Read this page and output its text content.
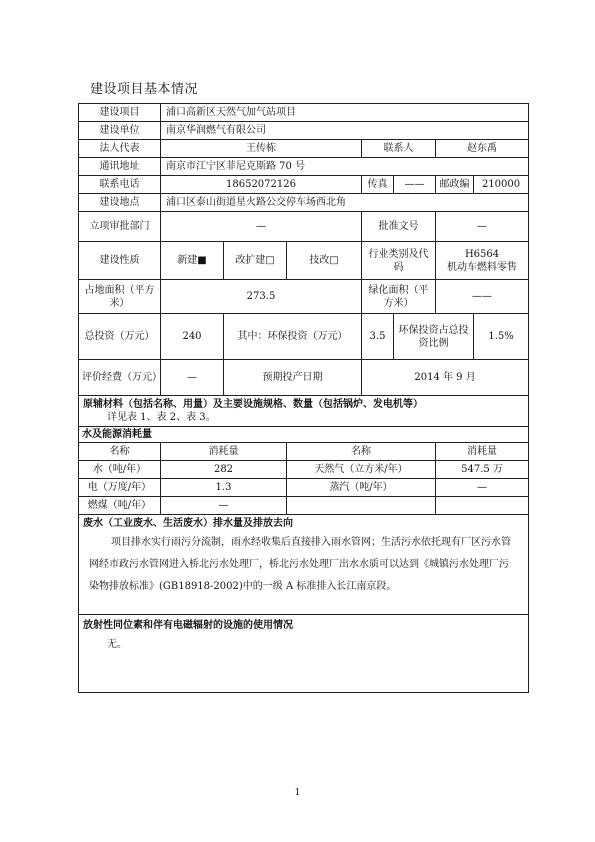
建设项目基本情况
建设项目	浦口高新区天然气加气站项目						
建设单位	南京华润燃气有限公司						
法人代表	王传栋			联系人		赵东禹	
通讯地址	南京市江宁区菲尼克斯路 70 号						
联系电话	18652072126			传真	——	邮政编	210000
建设地点	浦口区泰山街道星火路公交停车场西北角						
立项审批部门	—			批准文号		—	
建设性质	新建■	改扩建□	技改□	行业类别及代码		H6564
机动车燃料零售	

占地面积（平方米）	273.5			绿化面积（平方米）		——	
总投资（万元）	240	其中：环保投资（万元）		3.5	环保投资占总投资比例		1.5%
评价经费（万元）	—	预期投产日期		2014 年 9 月			

原辅材料（包括名称、用量）及主要设施规格、数量（包括锅炉、发电机等）
详见表 1、表 2、表 3。							

水及能源消耗量							
名称	消耗量		名称			消耗量	
水（吨/年）	282		天然气（立方米/年）			547.5 万	
电（万度/年）	1.3		蒸汽（吨/年）			—	
燃煤（吨/年）	—						

废水（工业废水、生活废水）排水量及排放去向
项目排水实行雨污分流制，雨水经收集后直接排入雨水管网；生活污水依托现有厂区污水管网经市政污水管网进入桥北污水处理厂，桥北污水处理厂出水水质可以达到《城镇污水处理厂污染物排放标准》(GB18918-2002)中的一级 A 标准排入长江南京段。							

放射性同位素和伴有电磁辐射的设施的使用情况
无。							
1
